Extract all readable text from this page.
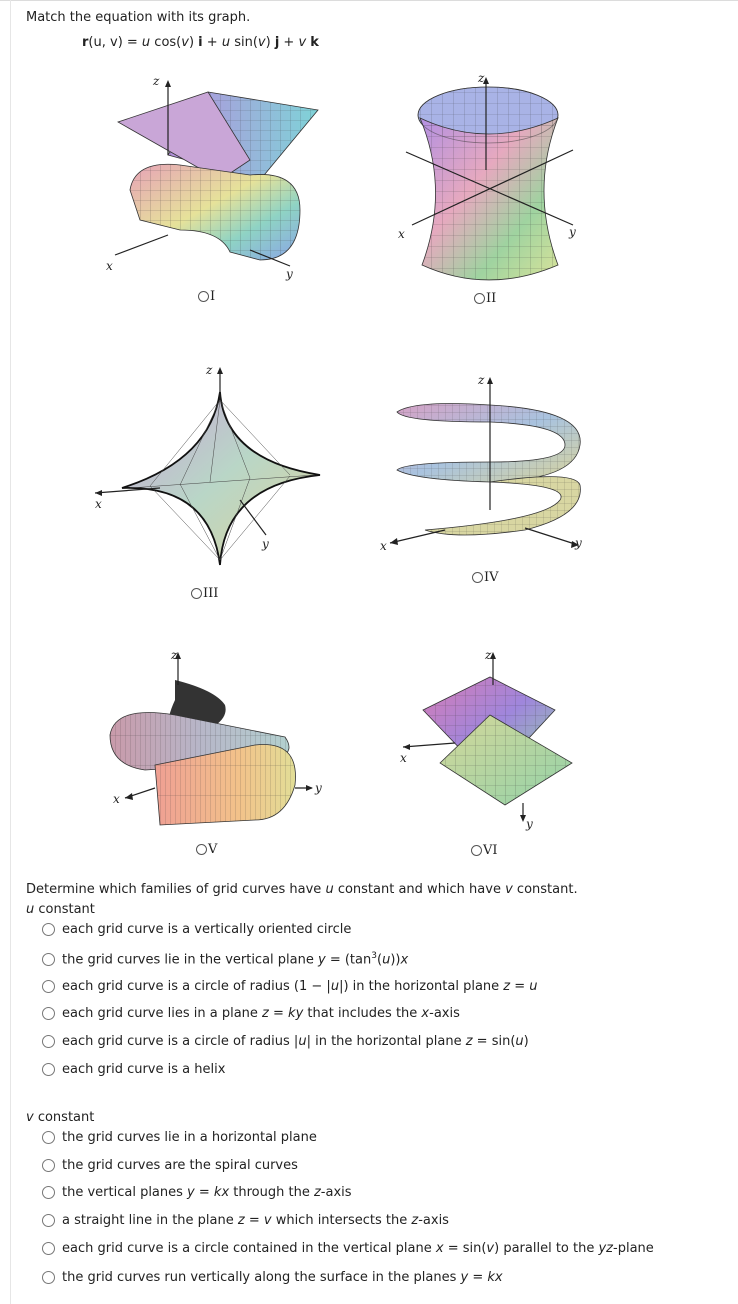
Match the equation with its graph.
r(u, v) = u cos(v) i + u sin(v) j + v k
z
x
y
I
z
x	y
II
z
x
y
III
z
x	y
IV
z
x
y
V
z
x
y
VI
Determine which families of grid curves have u constant and which have v constant.
u constant
each grid curve is a vertically oriented circle
the grid curves lie in the vertical plane $y = (\tan^3(u))x$
each grid curve is a circle of radius (1 − |u|) in the horizontal plane z = u
each grid curve lies in a plane z = ky that includes the x-axis
each grid curve is a circle of radius |u| in the horizontal plane z = sin(u)
each grid curve is a helix
v constant
the grid curves lie in a horizontal plane
the grid curves are the spiral curves
the vertical planes y = kx through the z-axis
a straight line in the plane z = v which intersects the z-axis
each grid curve is a circle contained in the vertical plane x = sin(v) parallel to the yz-plane
the grid curves run vertically along the surface in the planes y = kx
